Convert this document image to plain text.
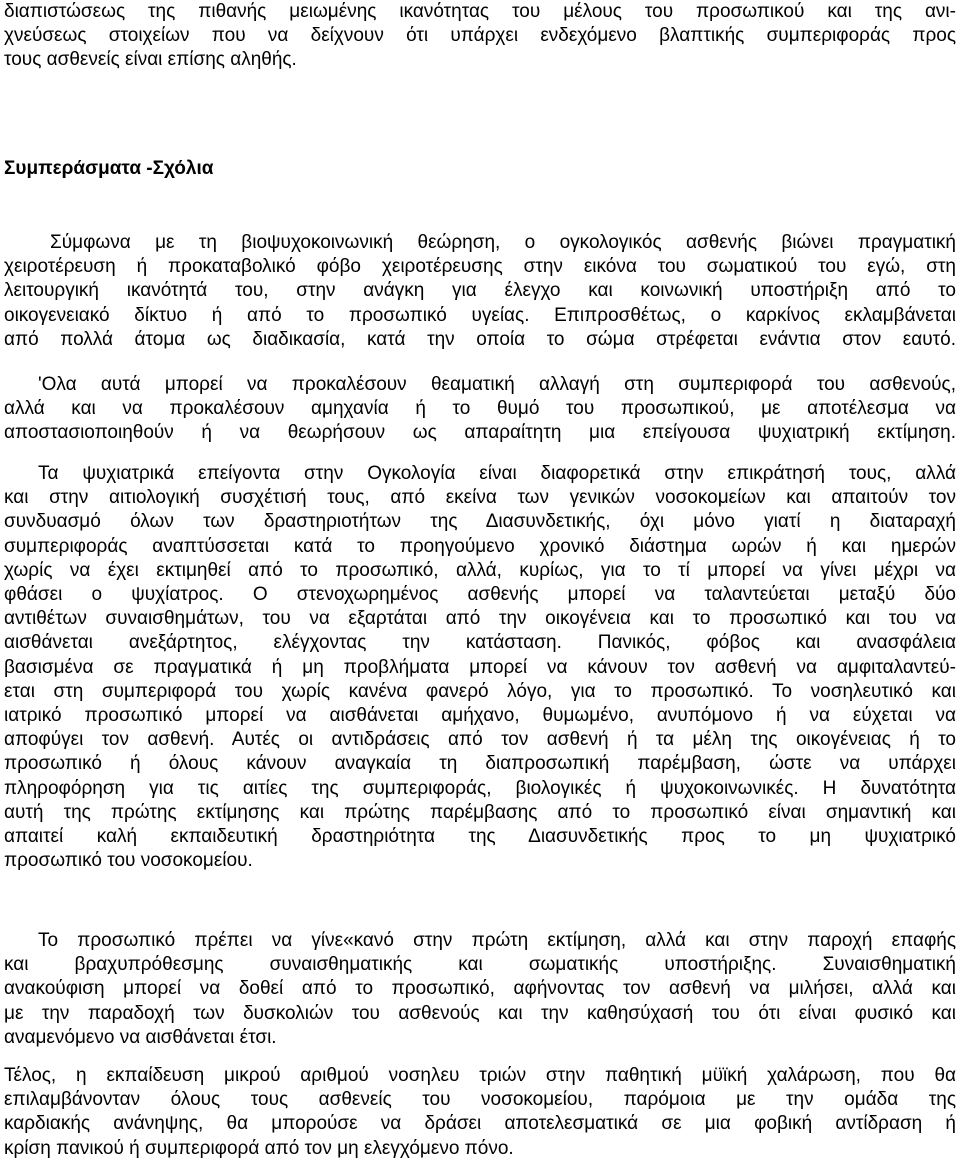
διαπιστώσεως της πιθανής μειωμένης ικανότητας του μέλους του προσωπικού και της ανι-
χνεύσεως στοιχείων που να δείχνουν ότι υπάρχει ενδεχόμενο βλαπτικής συμπεριφοράς προς
τους ασθενείς είναι επίσης αληθής.
Συμπεράσματα -Σχόλια
Σύμφωνα με τη βιοψυχοκοινωνική θεώρηση, ο ογκολογικός ασθενής βιώνει πραγματική
χειροτέρευση ή προκαταβολικό φόβο χειροτέρευσης στην εικόνα του σωματικού του εγώ, στη
λειτουργική ικανότητά του, στην ανάγκη για έλεγχο και κοινωνική υποστήριξη από το
οικογενειακό δίκτυο ή από το προσωπικό υγείας. Επιπροσθέτως, ο καρκίνος εκλαμβάνεται
από πολλά άτομα ως διαδικασία, κατά την οποία το σώμα στρέφεται ενάντια στον εαυτό.
'Ολα αυτά μπορεί να προκαλέσουν θεαματική αλλαγή στη συμπεριφορά του ασθενούς,
αλλά και να προκαλέσουν αμηχανία ή το θυμό του προσωπικού, με αποτέλεσμα να
αποστασιοποιηθούν ή να θεωρήσουν ως απαραίτητη μια επείγουσα ψυχιατρική εκτίμηση.
Τα ψυχιατρικά επείγοντα στην Ογκολογία είναι διαφορετικά στην επικράτησή τους, αλλά
και στην αιτιολογική συσχέτισή τους, από εκείνα των γενικών νοσοκομείων και απαιτούν τον
συνδυασμό όλων των δραστηριοτήτων της Διασυνδετικής, όχι μόνο γιατί η διαταραχή
συμπεριφοράς αναπτύσσεται κατά το προηγούμενο χρονικό διάστημα ωρών ή και ημερών
χωρίς να έχει εκτιμηθεί από το προσωπικό, αλλά, κυρίως, για το τί μπορεί να γίνει μέχρι να
φθάσει ο ψυχίατρος. Ο στενοχωρημένος ασθενής μπορεί να ταλαντεύεται μεταξύ δύο
αντιθέτων συναισθημάτων, του να εξαρτάται από την οικογένεια και το προσωπικό και του να
αισθάνεται ανεξάρτητος, ελέγχοντας την κατάσταση. Πανικός, φόβος και ανασφάλεια
βασισμένα σε πραγματικά ή μη προβλήματα μπορεί να κάνουν τον ασθενή να αμφιταλαντεύ-
εται στη συμπεριφορά του χωρίς κανένα φανερό λόγο, για το προσωπικό. Το νοσηλευτικό και
ιατρικό προσωπικό μπορεί να αισθάνεται αμήχανο, θυμωμένο, ανυπόμονο ή να εύχεται να
αποφύγει τον ασθενή. Αυτές οι αντιδράσεις από τον ασθενή ή τα μέλη της οικογένειας ή το
προσωπικό ή όλους κάνουν αναγκαία τη διαπροσωπική παρέμβαση, ώστε να υπάρχει
πληροφόρηση για τις αιτίες της συμπεριφοράς, βιολογικές ή ψυχοκοινωνικές. Η δυνατότητα
αυτή της πρώτης εκτίμησης και πρώτης παρέμβασης από το προσωπικό είναι σημαντική και
απαιτεί καλή εκπαιδευτική δραστηριότητα της Διασυνδετικής προς το μη ψυχιατρικό
προσωπικό του νοσοκομείου.
Το προσωπικό πρέπει να γίνε«κανό στην πρώτη εκτίμηση, αλλά και στην παροχή επαφής
και βραχυπρόθεσμης συναισθηματικής και σωματικής υποστήριξης. Συναισθηματική
ανακούφιση μπορεί να δοθεί από το προσωπικό, αφήνοντας τον ασθενή να μιλήσει, αλλά και
με την παραδοχή των δυσκολιών του ασθενούς και την καθησύχασή του ότι είναι φυσικό και
αναμενόμενο να αισθάνεται έτσι.
Τέλος, η εκπαίδευση μικρού αριθμού νοσηλευ τριών στην παθητική μϋϊκή χαλάρωση, που θα
επιλαμβάνονταν όλους τους ασθενείς του νοσοκομείου, παρόμοια με την ομάδα της
καρδιακής ανάνηψης, θα μπορούσε να δράσει αποτελεσματικά σε μια φοβική αντίδραση ή
κρίση πανικού ή συμπεριφορά από τον μη ελεγχόμενο πόνο.
